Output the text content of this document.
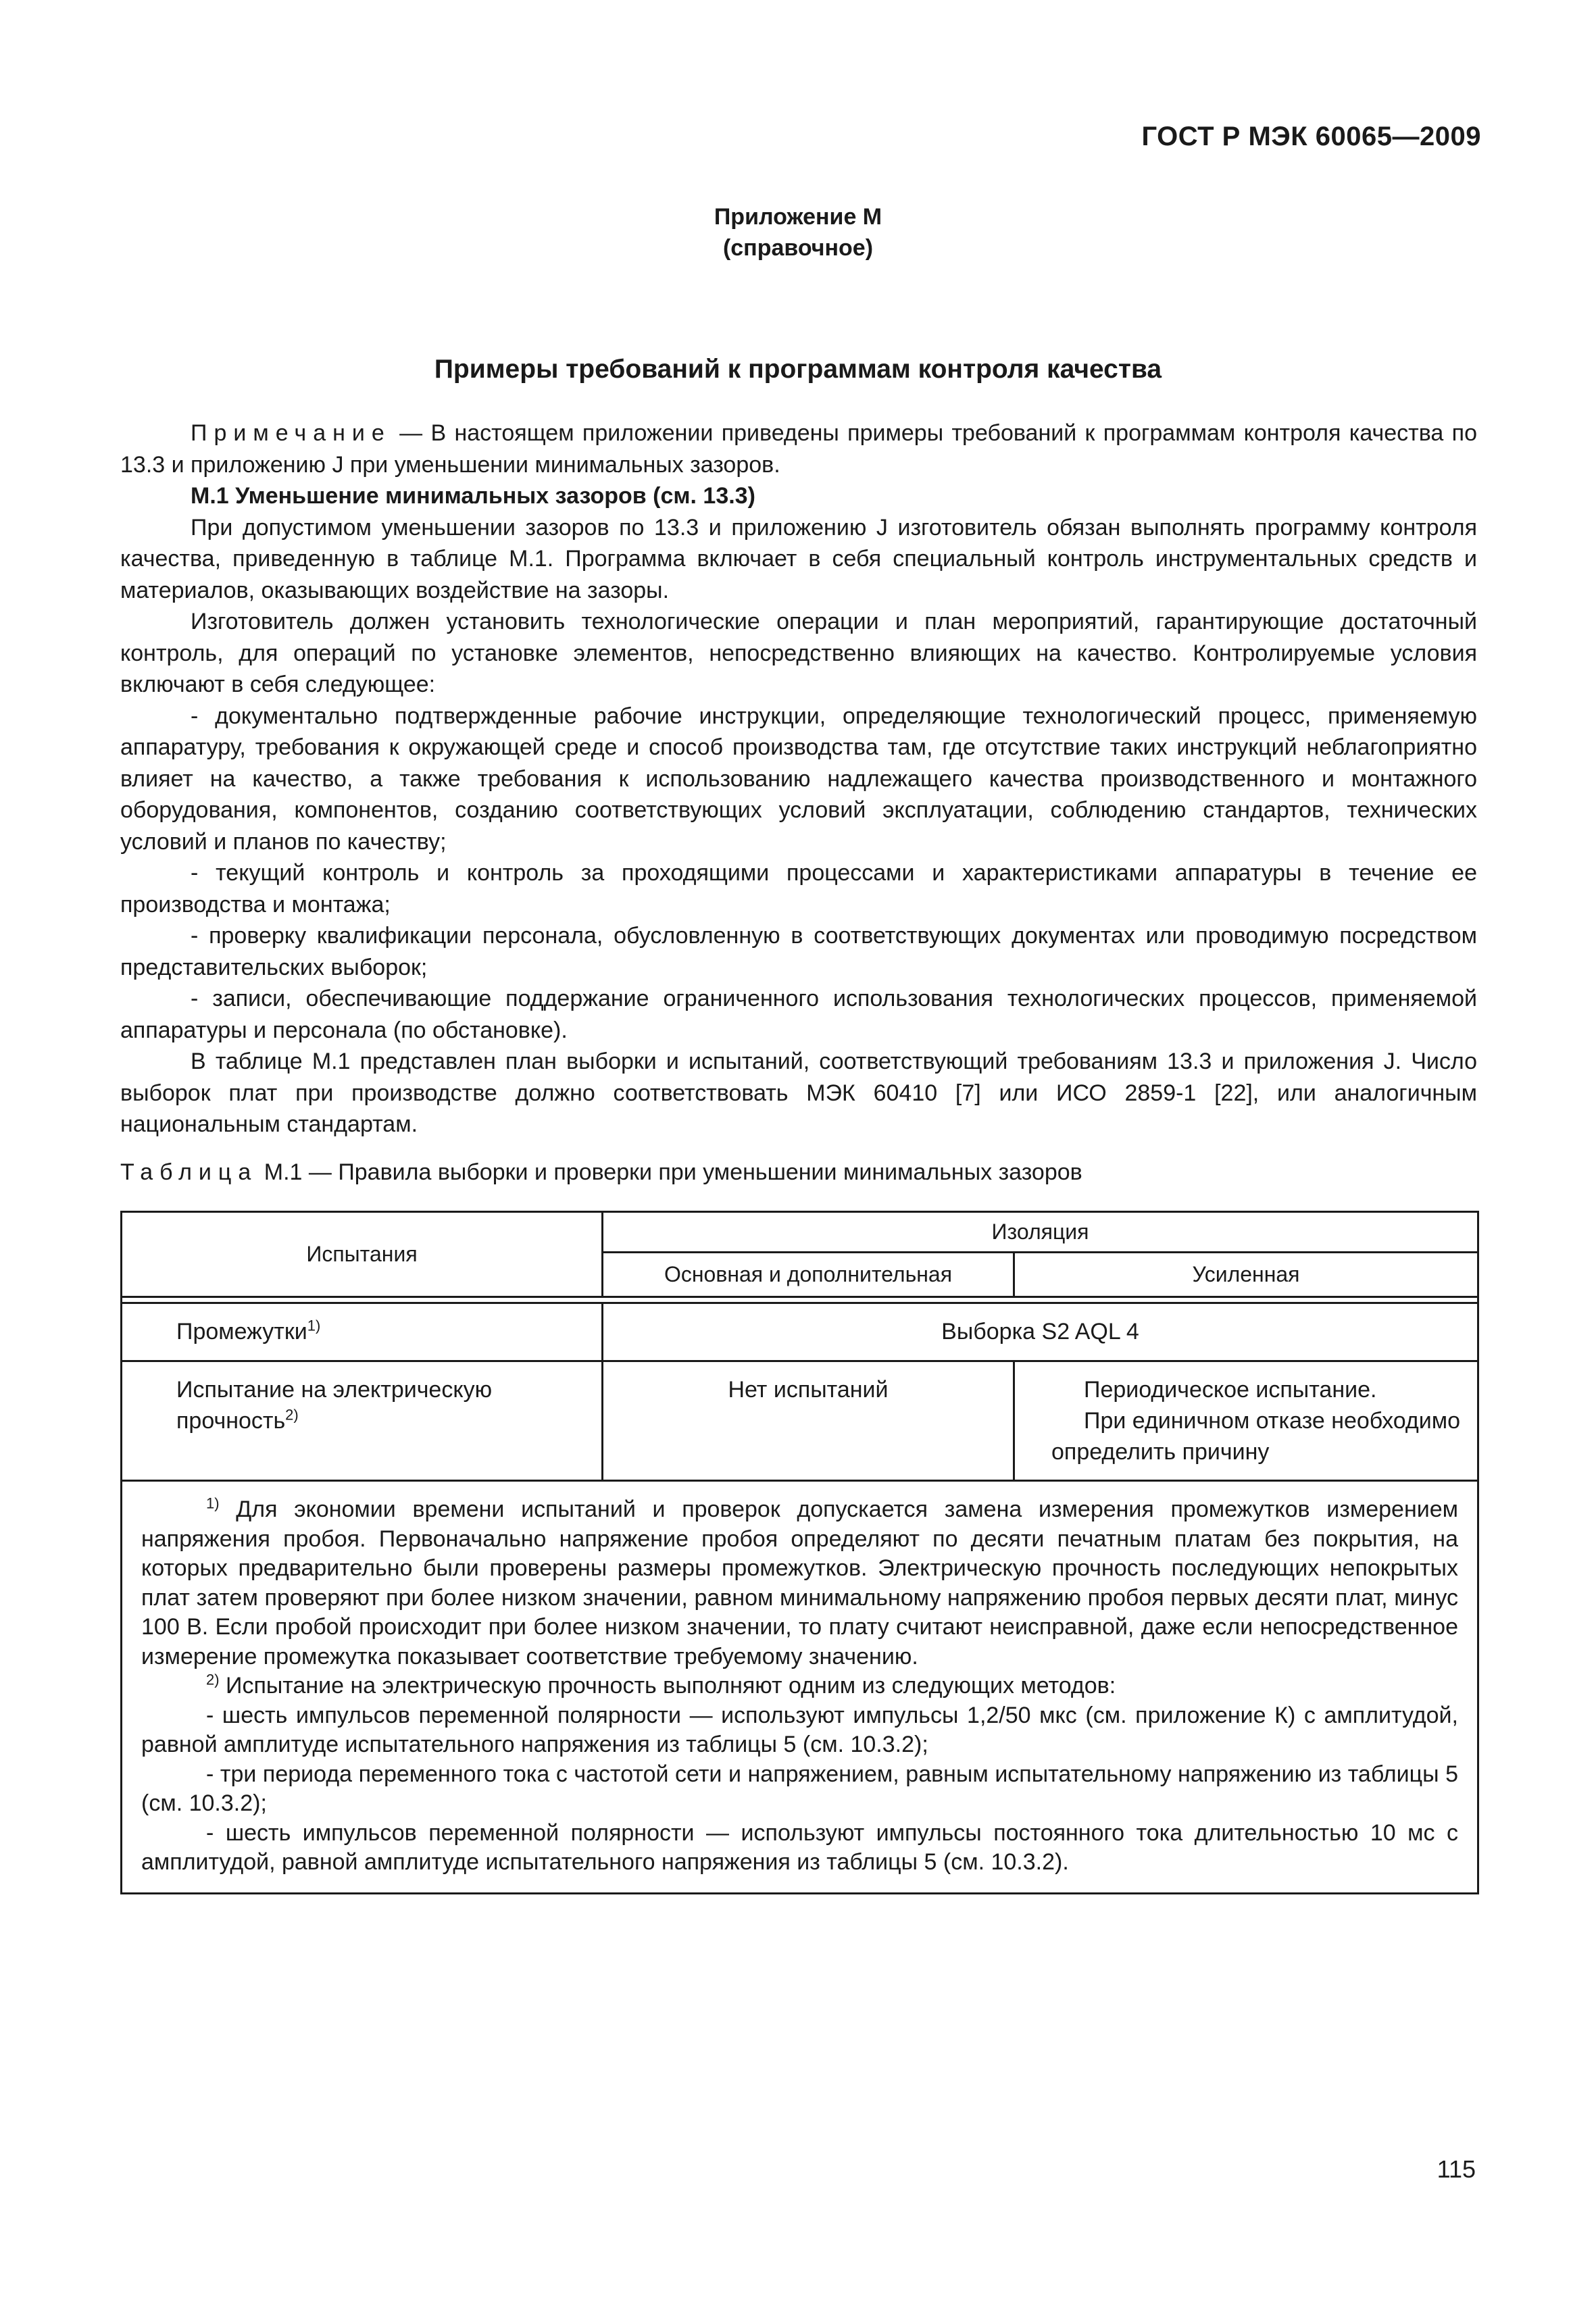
ГОСТ Р МЭК 60065—2009
Приложение М
(справочное)
Примеры требований к программам контроля качества

Примечание — В настоящем приложении приведены примеры требований к программам контроля качества по 13.3 и приложению J при уменьшении минимальных зазоров.

М.1 Уменьшение минимальных зазоров (см. 13.3)

При допустимом уменьшении зазоров по 13.3 и приложению J изготовитель обязан выполнять программу контроля качества, приведенную в таблице М.1. Программа включает в себя специальный контроль инструментальных средств и материалов, оказывающих воздействие на зазоры.

Изготовитель должен установить технологические операции и план мероприятий, гарантирующие достаточный контроль, для операций по установке элементов, непосредственно влияющих на качество. Контролируемые условия включают в себя следующее:

- документально подтвержденные рабочие инструкции, определяющие технологический процесс, применяемую аппаратуру, требования к окружающей среде и способ производства там, где отсутствие таких инструкций неблагоприятно влияет на качество, а также требования к использованию надлежащего качества производственного и монтажного оборудования, компонентов, созданию соответствующих условий эксплуатации, соблюдению стандартов, технических условий и планов по качеству;

- текущий контроль и контроль за проходящими процессами и характеристиками аппаратуры в течение ее производства и монтажа;

- проверку квалификации персонала, обусловленную в соответствующих документах или проводимую посредством представительских выборок;

- записи, обеспечивающие поддержание ограниченного использования технологических процессов, применяемой аппаратуры и персонала (по обстановке).

В таблице М.1 представлен план выборки и испытаний, соответствующий требованиям 13.3 и приложения J. Число выборок плат при производстве должно соответствовать МЭК 60410 [7] или ИСО 2859-1 [22], или аналогичным национальным стандартам.

Таблица М.1 — Правила выборки и проверки при уменьшении минимальных зазоров
Испытания	Изоляция	
	Основная и дополнительная	Усиленная

Промежутки$^{1)}$	Выборка S2 AQL 4	
Испытание на электрическую прочность$^{2)}$	Нет испытаний	Периодическое испытание.
При единичном отказе необходимо определить причину

$^{1)}$ Для экономии времени испытаний и проверок допускается замена измерения промежутков измерением напряжения пробоя. Первоначально напряжение пробоя определяют по десяти печатным платам без покрытия, на которых предварительно были проверены размеры промежутков. Электрическую прочность последующих непокрытых плат затем проверяют при более низком значении, равном минимальному напряжению пробоя первых десяти плат, минус 100 В. Если пробой происходит при более низком значении, то плату считают неисправной, даже если непосредственное измерение промежутка показывает соответствие требуемому значению.

$^{2)}$ Испытание на электрическую прочность выполняют одним из следующих методов:

- шесть импульсов переменной полярности — используют импульсы 1,2/50 мкс (см. приложение К) с амплитудой, равной амплитуде испытательного напряжения из таблицы 5 (см. 10.3.2);

- три периода переменного тока с частотой сети и напряжением, равным испытательному напряжению из таблицы 5 (см. 10.3.2);

- шесть импульсов переменной полярности — используют импульсы постоянного тока длительностью 10 мс с амплитудой, равной амплитуде испытательного напряжения из таблицы 5 (см. 10.3.2).		

115
